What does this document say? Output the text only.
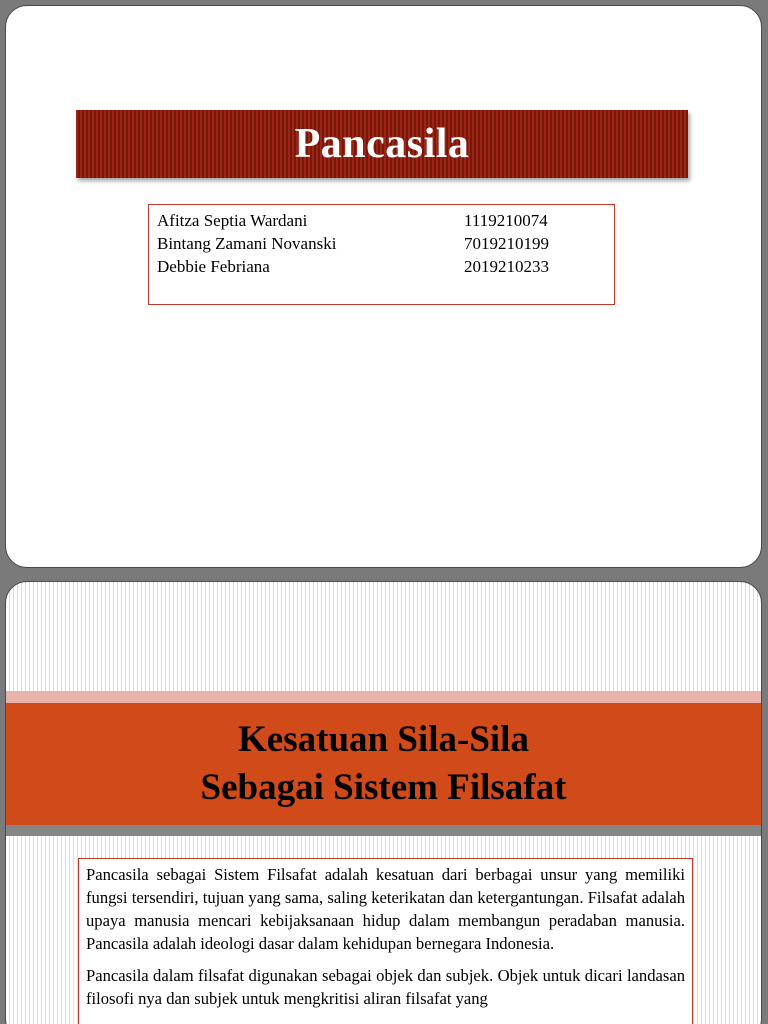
Pancasila
Afitza Septia Wardani	1119210074
Bintang Zamani Novanski	7019210199
Debbie Febriana	2019210233
Kesatuan Sila-Sila
Sebagai Sistem Filsafat

Pancasila sebagai Sistem Filsafat adalah kesatuan dari berbagai unsur yang memiliki fungsi tersendiri, tujuan yang sama, saling keterikatan dan ketergantungan. Filsafat adalah upaya manusia mencari kebijaksanaan hidup dalam membangun peradaban manusia. Pancasila adalah ideologi dasar dalam kehidupan bernegara Indonesia.

Pancasila dalam filsafat digunakan sebagai objek dan subjek. Objek untuk dicari landasan filosofi nya dan subjek untuk mengkritisi aliran filsafat yang
